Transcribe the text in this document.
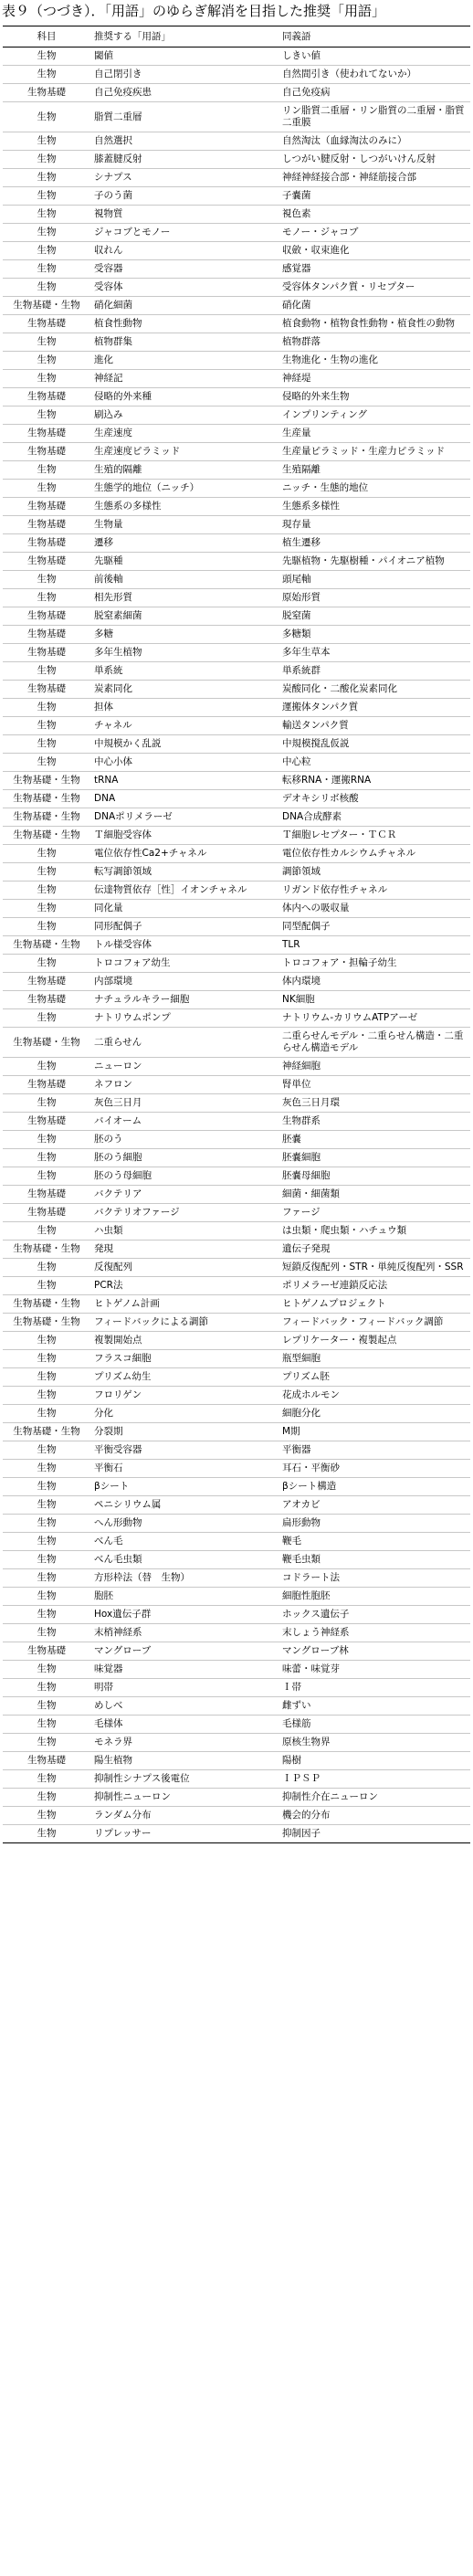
表９（つづき）．「用語」のゆらぎ解消を目指した推奨「用語」
科目	推奨する「用語」	同義語
生物	閾値	しきい値
生物	自己閉引き	自然間引き（使われてないか）
生物基礎	自己免疫疾患	自己免疫病
生物	脂質二重層	リン脂質二重層・リン脂質の二重層・脂質二重膜
生物	自然選択	自然淘汰（血縁淘汰のみに）
生物	膝蓋腱反射	しつがい腱反射・しつがいけん反射
生物	シナプス	神経神経接合部・神経筋接合部
生物	子のう菌	子嚢菌
生物	視物質	視色素
生物	ジャコブとモノー	モノー・ジャコブ
生物	収れん	収斂・収束進化
生物	受容器	感覚器
生物	受容体	受容体タンパク質・リセプター
生物基礎・生物	硝化細菌	硝化菌
生物基礎	植食性動物	植食動物・植物食性動物・植食性の動物
生物	植物群集	植物群落
生物	進化	生物進化・生物の進化
生物	神経記	神経堤
生物基礎	侵略的外来種	侵略的外来生物
生物	刷込み	インプリンティング
生物基礎	生産速度	生産量
生物基礎	生産速度ピラミッド	生産量ピラミッド・生産力ピラミッド
生物	生殖的隔離	生殖隔離
生物	生態学的地位（ニッチ）	ニッチ・生態的地位
生物基礎	生態系の多様性	生態系多様性
生物基礎	生物量	現存量
生物基礎	遷移	植生遷移
生物基礎	先駆種	先駆植物・先駆樹種・パイオニア植物
生物	前後軸	頭尾軸
生物	相先形質	原始形質
生物基礎	脱窒素細菌	脱窒菌
生物基礎	多糖	多糖類
生物基礎	多年生植物	多年生草本
生物	単系統	単系統群
生物基礎	炭素同化	炭酸同化・二酸化炭素同化
生物	担体	運搬体タンパク質
生物	チャネル	輸送タンパク質
生物	中規模かく乱説	中規模撹乱仮説
生物	中心小体	中心粒
生物基礎・生物	tRNA	転移RNA・運搬RNA
生物基礎・生物	DNA	デオキシリボ核酸
生物基礎・生物	DNAポリメラーゼ	DNA合成酵素
生物基礎・生物	Ｔ細胞受容体	Ｔ細胞レセプター・ＴＣＲ
生物	電位依存性Ca2+チャネル	電位依存性カルシウムチャネル
生物	転写調節領域	調節領域
生物	伝達物質依存［性］イオンチャネル	リガンド依存性チャネル
生物	同化量	体内への吸収量
生物	同形配偶子	同型配偶子
生物基礎・生物	トル様受容体	TLR
生物	トロコフォア幼生	トロコフォア・担輪子幼生
生物基礎	内部環境	体内環境
生物基礎	ナチュラルキラー細胞	NK細胞
生物	ナトリウムポンプ	ナトリウム-カリウムATPアーゼ
生物基礎・生物	二重らせん	二重らせんモデル・二重らせん構造・二重らせん構造モデル
生物	ニューロン	神経細胞
生物基礎	ネフロン	腎単位
生物	灰色三日月	灰色三日月環
生物基礎	バイオーム	生物群系
生物	胚のう	胚嚢
生物	胚のう細胞	胚嚢細胞
生物	胚のう母細胞	胚嚢母細胞
生物基礎	バクテリア	細菌・細菌類
生物基礎	バクテリオファージ	ファージ
生物	ハ虫類	は虫類・爬虫類・ハチュウ類
生物基礎・生物	発現	遺伝子発現
生物	反復配列	短鎖反復配列・STR・単純反復配列・SSR
生物	PCR法	ポリメラーゼ連鎖反応法
生物基礎・生物	ヒトゲノム計画	ヒトゲノムプロジェクト
生物基礎・生物	フィードバックによる調節	フィードバック・フィードバック調節
生物	複製開始点	レプリケーター・複製起点
生物	フラスコ細胞	瓶型細胞
生物	プリズム幼生	プリズム胚
生物	フロリゲン	花成ホルモン
生物	分化	細胞分化
生物基礎・生物	分裂期	M期
生物	平衡受容器	平衡器
生物	平衡石	耳石・平衡砂
生物	βシート	βシート構造
生物	ペニシリウム属	アオカビ
生物	へん形動物	扁形動物
生物	べん毛	鞭毛
生物	べん毛虫類	鞭毛虫類
生物	方形枠法（替　生物）	コドラート法
生物	胞胚	細胞性胞胚
生物	Hox遺伝子群	ホックス遺伝子
生物	末梢神経系	末しょう神経系
生物基礎	マングローブ	マングローブ林
生物	味覚器	味蕾・味覚芽
生物	明帯	Ｉ帯
生物	めしべ	雌ずい
生物	毛様体	毛様筋
生物	モネラ界	原核生物界
生物基礎	陽生植物	陽樹
生物	抑制性シナプス後電位	ＩＰＳＰ
生物	抑制性ニューロン	抑制性介在ニューロン
生物	ランダム分布	機会的分布
生物	リプレッサー	抑制因子
